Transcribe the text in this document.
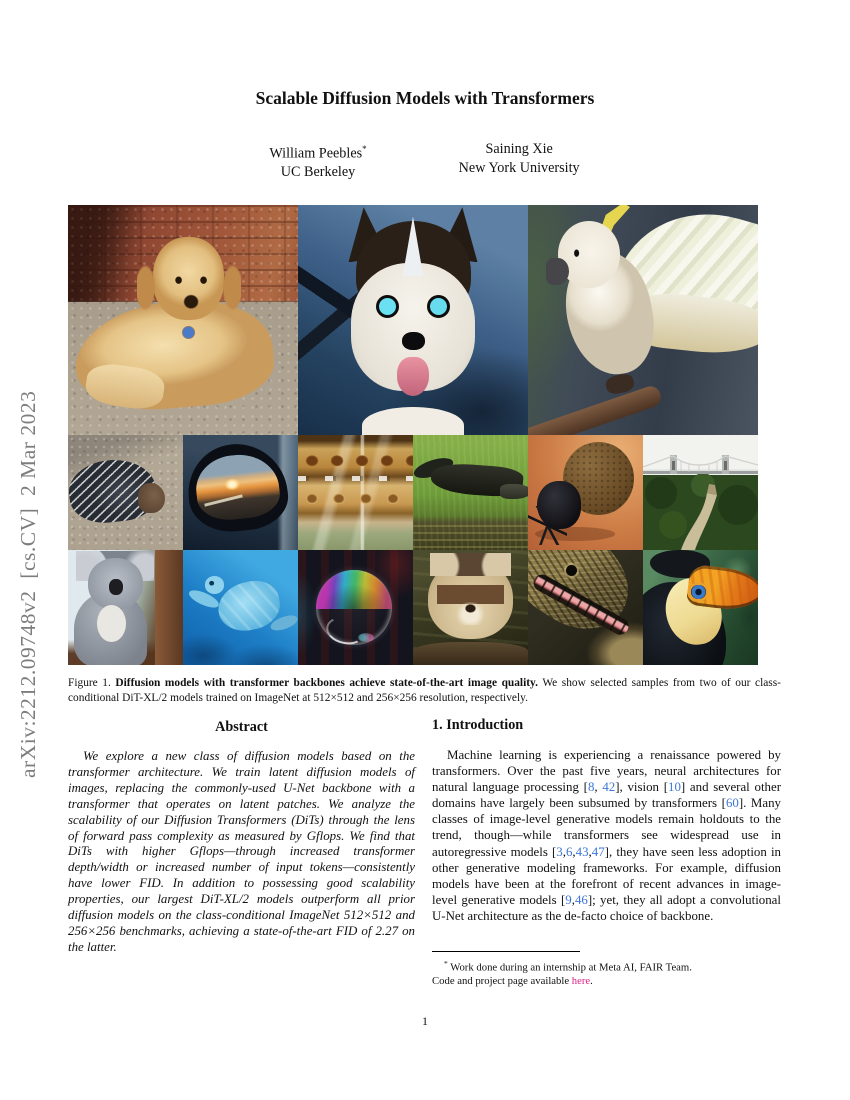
arXiv:2212.09748v2  [cs.CV]  2 Mar 2023
Scalable Diffusion Models with Transformers
William Peebles*
UC Berkeley
Saining Xie
New York University
Figure 1. Diffusion models with transformer backbones achieve state-of-the-art image quality. We show selected samples from two of our class-conditional DiT-XL/2 models trained on ImageNet at 512×512 and 256×256 resolution, respectively.
Abstract

We explore a new class of diffusion models based on the transformer architecture. We train latent diffusion models of images, replacing the commonly-used U-Net backbone with a transformer that operates on latent patches. We analyze the scalability of our Diffusion Transformers (DiTs) through the lens of forward pass complexity as measured by Gflops. We find that DiTs with higher Gflops—through increased transformer depth/width or increased number of input tokens—consistently have lower FID. In addition to possessing good scalability properties, our largest DiT-XL/2 models outperform all prior diffusion models on the class-conditional ImageNet 512×512 and 256×256 benchmarks, achieving a state-of-the-art FID of 2.27 on the latter.

1. Introduction

Machine learning is experiencing a renaissance powered by transformers. Over the past five years, neural architectures for natural language processing [8, 42], vision [10] and several other domains have largely been subsumed by transformers [60]. Many classes of image-level generative models remain holdouts to the trend, though—while transformers see widespread use in autoregressive models [3,6,43,47], they have seen less adoption in other generative modeling frameworks. For example, diffusion models have been at the forefront of recent advances in image-level generative models [9,46]; yet, they all adopt a convolutional U-Net architecture as the de-facto choice of backbone.

* Work done during an internship at Meta AI, FAIR Team.
Code and project page available here.
1
